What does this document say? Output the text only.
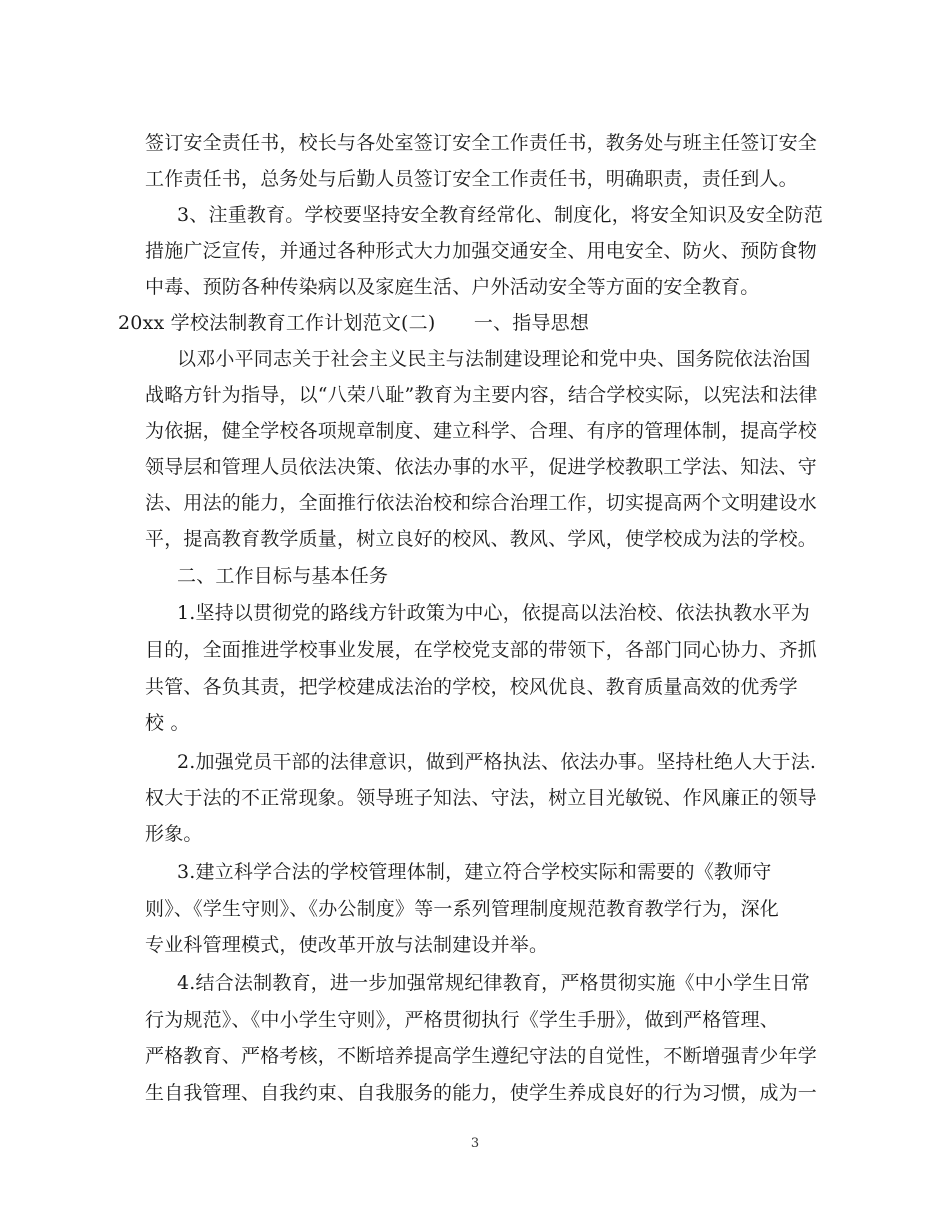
签订安全责任书，校长与各处室签订安全工作责任书，教务处与班主任签订安全
工作责任书，总务处与后勤人员签订安全工作责任书，明确职责，责任到人。
3、注重教育。学校要坚持安全教育经常化、制度化，将安全知识及安全防范
措施广泛宣传，并通过各种形式大力加强交通安全、用电安全、防火、预防食物
中毒、预防各种传染病以及家庭生活、户外活动安全等方面的安全教育。
20xx 学校法制教育工作计划范文(二)　　一、指导思想
以邓小平同志关于社会主义民主与法制建设理论和党中央、国务院依法治国
战略方针为指导，以“八荣八耻”教育为主要内容，结合学校实际，以宪法和法律
为依据，健全学校各项规章制度、建立科学、合理、有序的管理体制，提高学校
领导层和管理人员依法决策、依法办事的水平，促进学校教职工学法、知法、守
法、用法的能力，全面推行依法治校和综合治理工作，切实提高两个文明建设水
平，提高教育教学质量，树立良好的校风、教风、学风，使学校成为法的学校。
二、工作目标与基本任务
1.坚持以贯彻党的路线方针政策为中心，依提高以法治校、依法执教水平为
目的，全面推进学校事业发展，在学校党支部的带领下，各部门同心协力、齐抓
共管、各负其责，把学校建成法治的学校，校风优良、教育质量高效的优秀学
校 。
2.加强党员干部的法律意识，做到严格执法、依法办事。坚持杜绝人大于法.
权大于法的不正常现象。领导班子知法、守法，树立目光敏锐、作风廉正的领导
形象。
3.建立科学合法的学校管理体制，建立符合学校实际和需要的《教师守
则》、《学生守则》、《办公制度》等一系列管理制度规范教育教学行为，深化
专业科管理模式，使改革开放与法制建设并举。
4.结合法制教育，进一步加强常规纪律教育，严格贯彻实施《中小学生日常
行为规范》、《中小学生守则》，严格贯彻执行《学生手册》，做到严格管理、
严格教育、严格考核，不断培养提高学生遵纪守法的自觉性，不断增强青少年学
生自我管理、自我约束、自我服务的能力，使学生养成良好的行为习惯，成为一
3
